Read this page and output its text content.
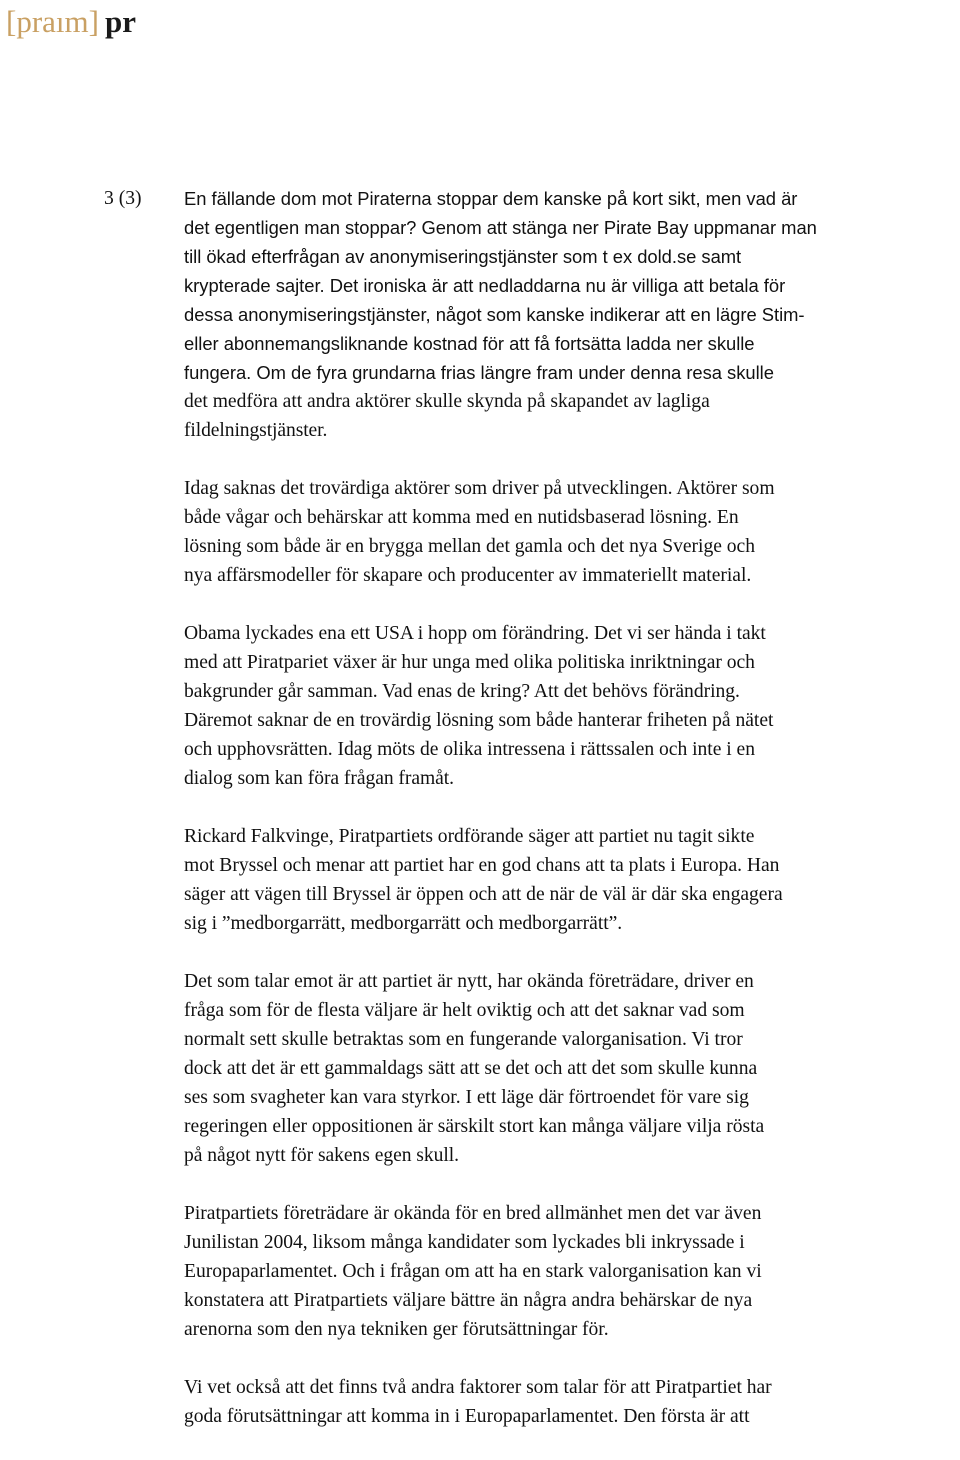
[praım] pr
3 (3) En fällande dom mot Piraterna stoppar dem kanske på kort sikt, men vad är
det egentligen man stoppar? Genom att stänga ner Pirate Bay uppmanar man
till ökad efterfrågan av anonymiseringstjänster som t ex dold.se samt
krypterade sajter. Det ironiska är att nedladdarna nu är villiga att betala för
dessa anonymiseringstjänster, något som kanske indikerar att en lägre Stim-
eller abonnemangsliknande kostnad för att få fortsätta ladda ner skulle
fungera. Om de fyra grundarna frias längre fram under denna resa skulle
det medföra att andra aktörer skulle skynda på skapandet av lagliga
fildelningstjänster.

Idag saknas det trovärdiga aktörer som driver på utvecklingen. Aktörer som
både vågar och behärskar att komma med en nutidsbaserad lösning. En
lösning som både är en brygga mellan det gamla och det nya Sverige och
nya affärsmodeller för skapare och producenter av immateriellt material.

Obama lyckades ena ett USA i hopp om förändring. Det vi ser hända i takt
med att Piratpariet växer är hur unga med olika politiska inriktningar och
bakgrunder går samman. Vad enas de kring? Att det behövs förändring.
Däremot saknar de en trovärdig lösning som både hanterar friheten på nätet
och upphovsrätten. Idag möts de olika intressena i rättssalen och inte i en
dialog som kan föra frågan framåt.

Rickard Falkvinge, Piratpartiets ordförande säger att partiet nu tagit sikte
mot Bryssel och menar att partiet har en god chans att ta plats i Europa. Han
säger att vägen till Bryssel är öppen och att de när de väl är där ska engagera
sig i ”medborgarrätt, medborgarrätt och medborgarrätt”.

Det som talar emot är att partiet är nytt, har okända företrädare, driver en
fråga som för de flesta väljare är helt oviktig och att det saknar vad som
normalt sett skulle betraktas som en fungerande valorganisation. Vi tror
dock att det är ett gammaldags sätt att se det och att det som skulle kunna
ses som svagheter kan vara styrkor. I ett läge där förtroendet för vare sig
regeringen eller oppositionen är särskilt stort kan många väljare vilja rösta
på något nytt för sakens egen skull.

Piratpartiets företrädare är okända för en bred allmänhet men det var även
Junilistan 2004, liksom många kandidater som lyckades bli inkryssade i
Europaparlamentet. Och i frågan om att ha en stark valorganisation kan vi
konstatera att Piratpartiets väljare bättre än några andra behärskar de nya
arenorna som den nya tekniken ger förutsättningar för.

Vi vet också att det finns två andra faktorer som talar för att Piratpartiet har
goda förutsättningar att komma in i Europaparlamentet. Den första är att
